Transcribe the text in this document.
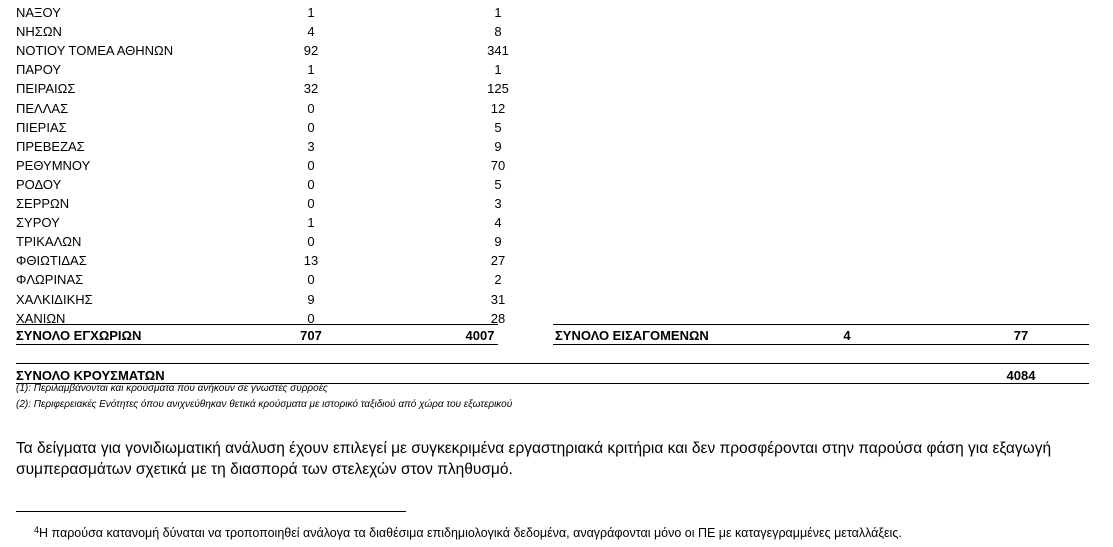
ΝΑΞΟΥ	1	1
ΝΗΣΩΝ	4	8
ΝΟΤΙΟΥ ΤΟΜΕΑ ΑΘΗΝΩΝ	92	341
ΠΑΡΟΥ	1	1
ΠΕΙΡΑΙΩΣ	32	125
ΠΕΛΛΑΣ	0	12
ΠΙΕΡΙΑΣ	0	5
ΠΡΕΒΕΖΑΣ	3	9
ΡΕΘΥΜΝΟΥ	0	70
ΡΟΔΟΥ	0	5
ΣΕΡΡΩΝ	0	3
ΣΥΡΟΥ	1	4
ΤΡΙΚΑΛΩΝ	0	9
ΦΘΙΩΤΙΔΑΣ	13	27
ΦΛΩΡΙΝΑΣ	0	2
ΧΑΛΚΙΔΙΚΗΣ	9	31
ΧΑΝΙΩΝ	0	28
ΣΥΝΟΛΟ ΕΓΧΩΡΙΩΝ	707	4007	ΣΥΝΟΛΟ ΕΙΣΑΓΟΜΕΝΩΝ	4	77
ΣΥΝΟΛΟ ΚΡΟΥΣΜΑΤΩΝ	4084
(1): Περιλαμβάνονται και κρούσματα που ανήκουν σε γνωστές συρροές
(2): Περιφερειακές Ενότητες όπου ανιχνεύθηκαν θετικά κρούσματα με ιστορικό ταξιδιού από χώρα του εξωτερικού
Τα δείγματα για γονιδιωματική ανάλυση έχουν επιλεγεί με συγκεκριμένα εργαστηριακά κριτήρια και δεν προσφέρονται στην παρούσα φάση για εξαγωγή συμπερασμάτων σχετικά με τη διασπορά των στελεχών στον πληθυσμό.
$^4$Η παρούσα κατανομή δύναται να τροποποιηθεί ανάλογα τα διαθέσιμα επιδημιολογικά δεδομένα, αναγράφονται μόνο οι ΠΕ με καταγεγραμμένες μεταλλάξεις.
